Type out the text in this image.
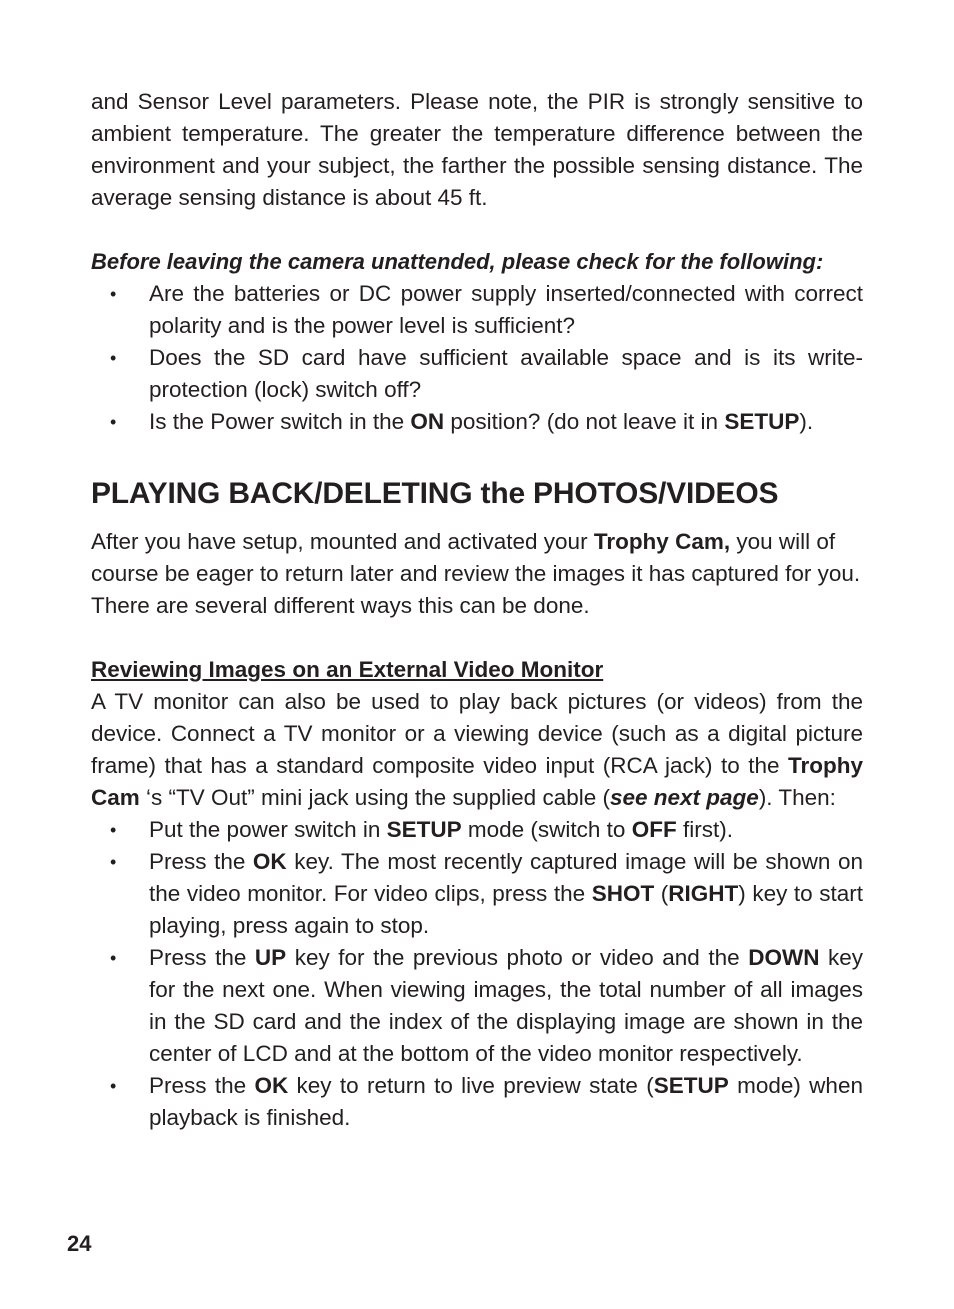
and Sensor Level parameters. Please note, the PIR is strongly sensitive to ambient temperature. The greater the temperature difference between the environment and your subject, the farther the possible sensing distance. The average sensing distance is about 45 ft.

Before leaving the camera unattended, please check for the following:

• Are the batteries or DC power supply inserted/connected with correct polarity and is the power level is sufficient?
• Does the SD card have sufficient available space and is its write-protection (lock) switch off?
• Is the Power switch in the ON position? (do not leave it in SETUP).
PLAYING BACK/DELETING the PHOTOS/VIDEOS

After you have setup, mounted and activated your Trophy Cam, you will of course be eager to return later and review the images it has captured for you. There are several different ways this can be done.

Reviewing Images on an External Video Monitor

A TV monitor can also be used to play back pictures (or videos) from the device. Connect a TV monitor or a viewing device (such as a digital picture frame) that has a standard composite video input (RCA jack) to the Trophy Cam ‘s “TV Out” mini jack using the supplied cable (see next page). Then:

• Put the power switch in SETUP mode (switch to OFF first).
• Press the OK key. The most recently captured image will be shown on the video monitor. For video clips, press the SHOT (RIGHT) key to start playing, press again to stop.
• Press the UP key for the previous photo or video and the DOWN key for the next one. When viewing images, the total number of all images in the SD card and the index of the displaying image are shown in the center of LCD and at the bottom of the video monitor respectively.
• Press the OK key to return to live preview state (SETUP mode) when playback is finished.
24
